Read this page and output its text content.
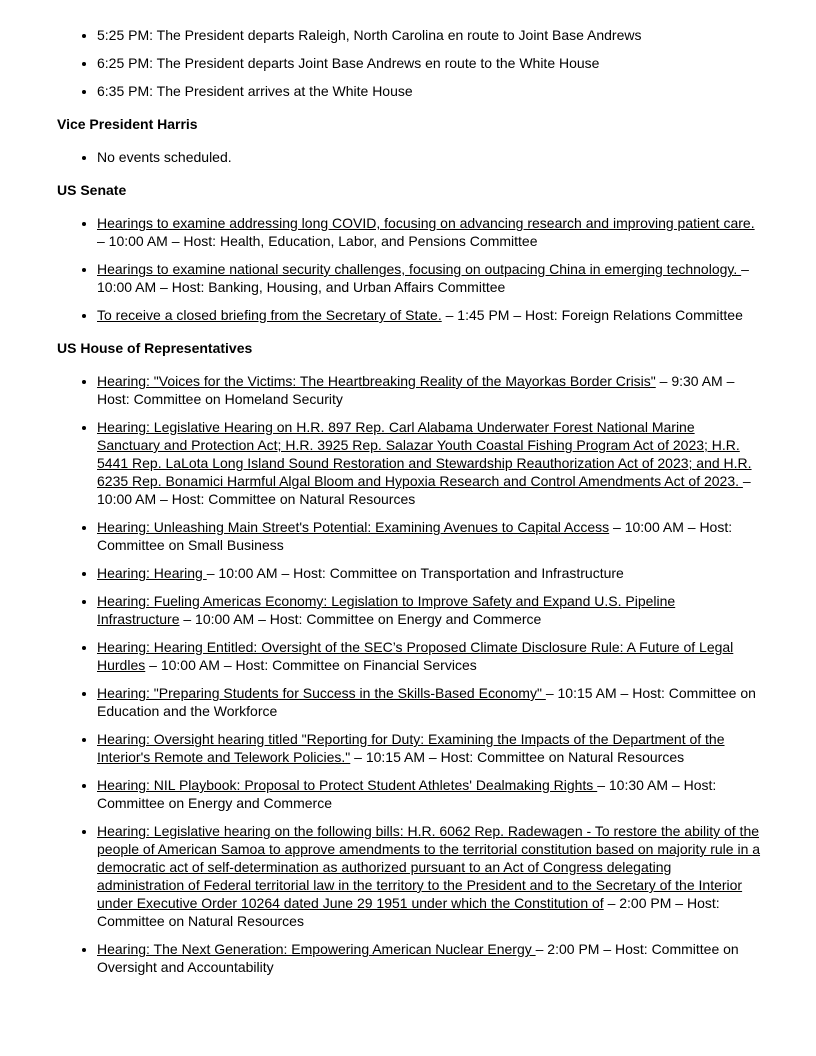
• 5:25 PM: The President departs Raleigh, North Carolina en route to Joint Base Andrews
• 6:25 PM: The President departs Joint Base Andrews en route to the White House
• 6:35 PM: The President arrives at the White House
Vice President Harris
• No events scheduled.
US Senate
• Hearings to examine addressing long COVID, focusing on advancing research and improving patient care. – 10:00 AM – Host: Health, Education, Labor, and Pensions Committee
• Hearings to examine national security challenges, focusing on outpacing China in emerging technology. – 10:00 AM – Host: Banking, Housing, and Urban Affairs Committee
• To receive a closed briefing from the Secretary of State. – 1:45 PM – Host: Foreign Relations Committee
US House of Representatives
• Hearing: "Voices for the Victims: The Heartbreaking Reality of the Mayorkas Border Crisis" – 9:30 AM – Host: Committee on Homeland Security
• Hearing: Legislative Hearing on H.R. 897 Rep. Carl Alabama Underwater Forest National Marine Sanctuary and Protection Act; H.R. 3925 Rep. Salazar Youth Coastal Fishing Program Act of 2023; H.R. 5441 Rep. LaLota Long Island Sound Restoration and Stewardship Reauthorization Act of 2023; and H.R. 6235 Rep. Bonamici Harmful Algal Bloom and Hypoxia Research and Control Amendments Act of 2023. – 10:00 AM – Host: Committee on Natural Resources
• Hearing: Unleashing Main Street's Potential: Examining Avenues to Capital Access – 10:00 AM – Host: Committee on Small Business
• Hearing: Hearing – 10:00 AM – Host: Committee on Transportation and Infrastructure
• Hearing: Fueling Americas Economy: Legislation to Improve Safety and Expand U.S. Pipeline Infrastructure – 10:00 AM – Host: Committee on Energy and Commerce
• Hearing: Hearing Entitled: Oversight of the SEC’s Proposed Climate Disclosure Rule: A Future of Legal Hurdles – 10:00 AM – Host: Committee on Financial Services
• Hearing: "Preparing Students for Success in the Skills-Based Economy" – 10:15 AM – Host: Committee on Education and the Workforce
• Hearing: Oversight hearing titled "Reporting for Duty: Examining the Impacts of the Department of the Interior's Remote and Telework Policies." – 10:15 AM – Host: Committee on Natural Resources
• Hearing: NIL Playbook: Proposal to Protect Student Athletes' Dealmaking Rights – 10:30 AM – Host: Committee on Energy and Commerce
• Hearing: Legislative hearing on the following bills: H.R. 6062 Rep. Radewagen - To restore the ability of the people of American Samoa to approve amendments to the territorial constitution based on majority rule in a democratic act of self-determination as authorized pursuant to an Act of Congress delegating administration of Federal territorial law in the territory to the President and to the Secretary of the Interior under Executive Order 10264 dated June 29 1951 under which the Constitution of – 2:00 PM – Host: Committee on Natural Resources
• Hearing: The Next Generation: Empowering American Nuclear Energy – 2:00 PM – Host: Committee on Oversight and Accountability
